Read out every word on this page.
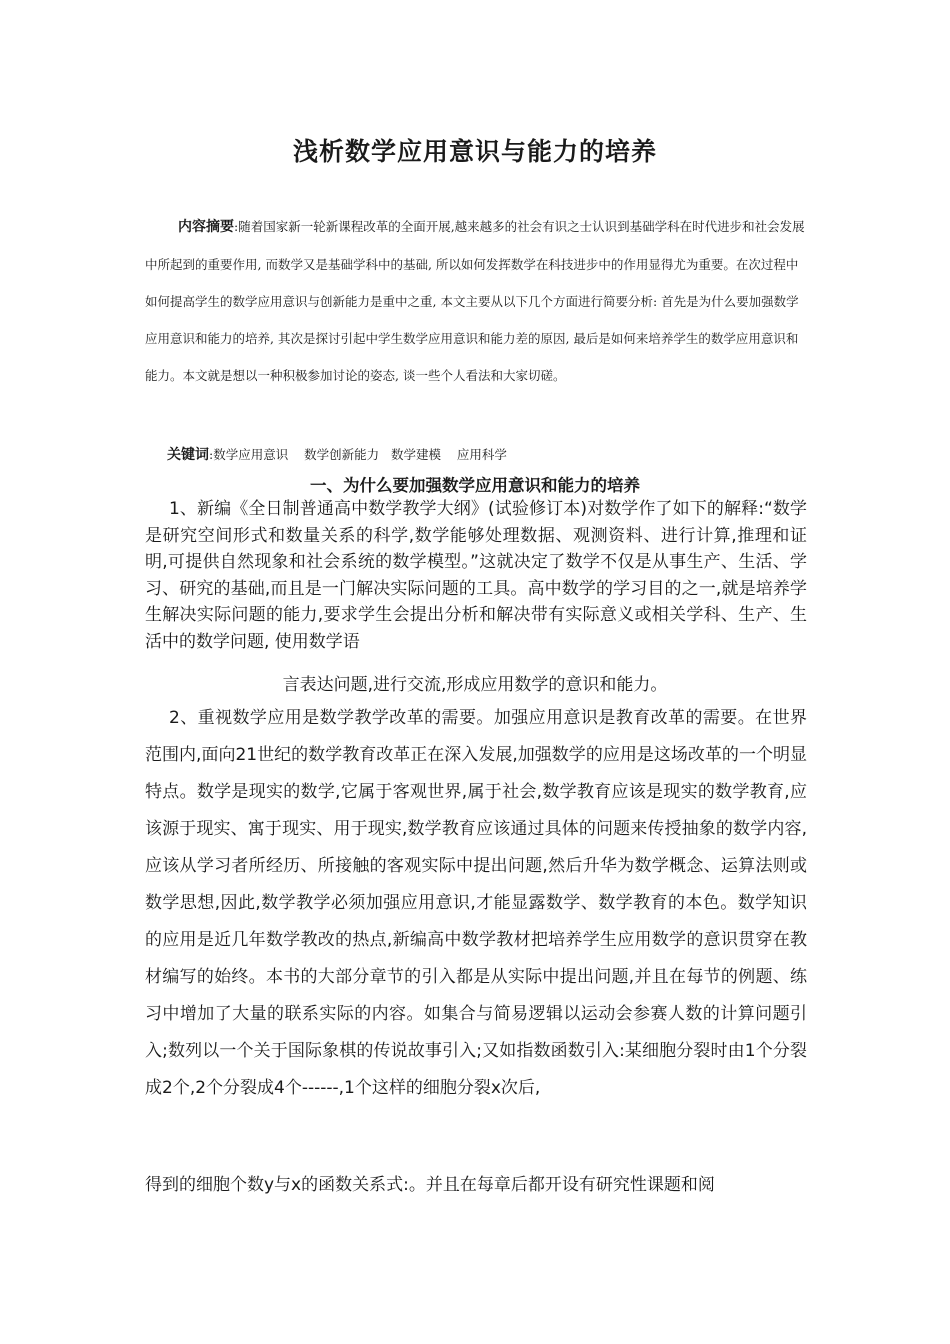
浅析数学应用意识与能力的培养

内容摘要:随着国家新一轮新课程改革的全面开展,越来越多的社会有识之士认识到基础学科在时代进步和社会发展中所起到的重要作用, 而数学又是基础学科中的基础, 所以如何发挥数学在科技进步中的作用显得尤为重要。在次过程中如何提高学生的数学应用意识与创新能力是重中之重, 本文主要从以下几个方面进行简要分析: 首先是为什么要加强数学应用意识和能力的培养, 其次是探讨引起中学生数学应用意识和能力差的原因, 最后是如何来培养学生的数学应用意识和能力。本文就是想以一种积极参加讨论的姿态, 谈一些个人看法和大家切磋。

关键词:数学应用意识    数学创新能力   数学建模    应用科学

一、为什么要加强数学应用意识和能力的培养

1、新编《全日制普通高中数学教学大纲》(试验修订本)对数学作了如下的解释:“数学是研究空间形式和数量关系的科学,数学能够处理数据、观测资料、进行计算,推理和证明,可提供自然现象和社会系统的数学模型。”这就决定了数学不仅是从事生产、生活、学习、研究的基础,而且是一门解决实际问题的工具。高中数学的学习目的之一,就是培养学生解决实际问题的能力,要求学生会提出分析和解决带有实际意义或相关学科、生产、生活中的数学问题, 使用数学语

言表达问题,进行交流,形成应用数学的意识和能力。

2、重视数学应用是数学教学改革的需要。加强应用意识是教育改革的需要。在世界范围内,面向21世纪的数学教育改革正在深入发展,加强数学的应用是这场改革的一个明显特点。数学是现实的数学,它属于客观世界,属于社会,数学教育应该是现实的数学教育,应该源于现实、寓于现实、用于现实,数学教育应该通过具体的问题来传授抽象的数学内容,应该从学习者所经历、所接触的客观实际中提出问题,然后升华为数学概念、运算法则或数学思想,因此,数学教学必须加强应用意识,才能显露数学、数学教育的本色。数学知识的应用是近几年数学教改的热点,新编高中数学教材把培养学生应用数学的意识贯穿在教材编写的始终。本书的大部分章节的引入都是从实际中提出问题,并且在每节的例题、练习中增加了大量的联系实际的内容。如集合与简易逻辑以运动会参赛人数的计算问题引入;数列以一个关于国际象棋的传说故事引入;又如指数函数引入:某细胞分裂时由1个分裂成2个,2个分裂成4个------,1个这样的细胞分裂x次后,

得到的细胞个数y与x的函数关系式:。并且在每章后都开设有研究性课题和阅
